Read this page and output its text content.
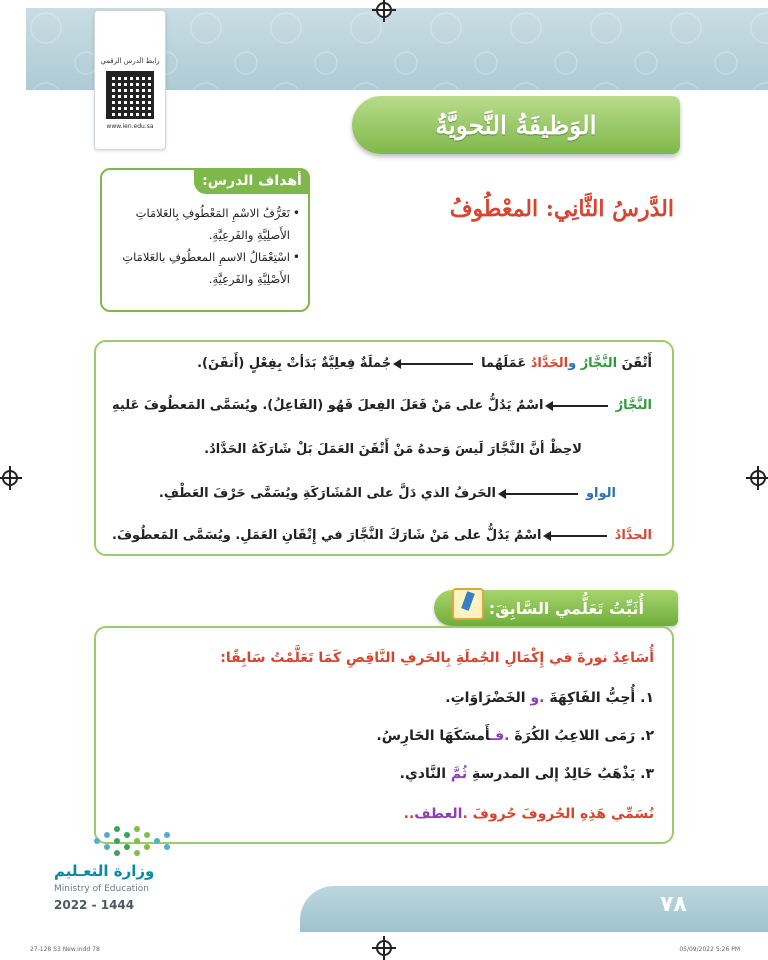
رابط الدرس الرقمي
www.ien.edu.sa	الوَظيفَةُ النَّحويَّةُ
الدَّرسُ الثَّانِي: المعْطُوفُ
أهداف الدرس:
• تَعَرُّفُ الاسْمِ المَعْطُوفِ بِالعَلامَاتِ الأَصلِيَّةِ والفَرعِيَّةِ.
• اسْتِعْمَالُ الاسمِ المعطُوفِ بالعَلامَاتِ الأَصْلِيَّةِ والفَرعِيَّةِ.
أَتْقَنَ النَّجَّارُ والحَدَّادُ عَمَلَهُما
جُملَةٌ فِعلِيَّةٌ بَدَأتْ بِفِعْلٍ (أَتقَنَ).
النَّجَّارُ
اسْمٌ يَدُلُّ على مَنْ فَعَلَ الفِعلَ فَهُو (الفَاعِلُ). ويُسَمَّى المَعطُوفَ عَليهِ
لاحِظْ أنَّ النَّجَّارَ لَيسَ وَحدهُ مَنْ أَتْقَنَ العَمَلَ بَلْ شَارَكَهُ الحَدَّادُ.
الواو
الحَرفُ الذي دَلَّ على المُشَارَكَةِ ويُسَمَّى حَرْفَ العَطْفِ.
الحدَّادُ
اسْمٌ يَدُلُّ على مَنْ شَارَكَ النَّجَّارَ في إِتْقَانِ العَمَلِ. ويُسَمَّى المَعطُوفَ.
أُثَبِّتُ تَعَلُّمي السَّابِقَ:
أُسَاعِدُ نورةَ في إِكْمَالِ الجُملَةِ بِالحَرفِ النَّاقِصِ كَمَا تَعَلَّمْتُ سَابِقًا:
١. أُحِبُّ الفَاكِهَةَ .و الخَضْرَاوَاتِ.
٢. رَمَى اللاعِبُ الكُرَةَ .فـأَمسَكَهَا الحَارِسُ.
٣. يَذْهَبُ خَالِدٌ إلى المدرسةِ ثُمَّ النَّادي.
نُسَمِّي هَذِهِ الحُروفَ حُروفَ .العطف..
وزارة التعـليم
Ministry of Education
2022 - 1444	٧٨
27-128 S3 New.indd 78	05/09/2022 5:26 PM
